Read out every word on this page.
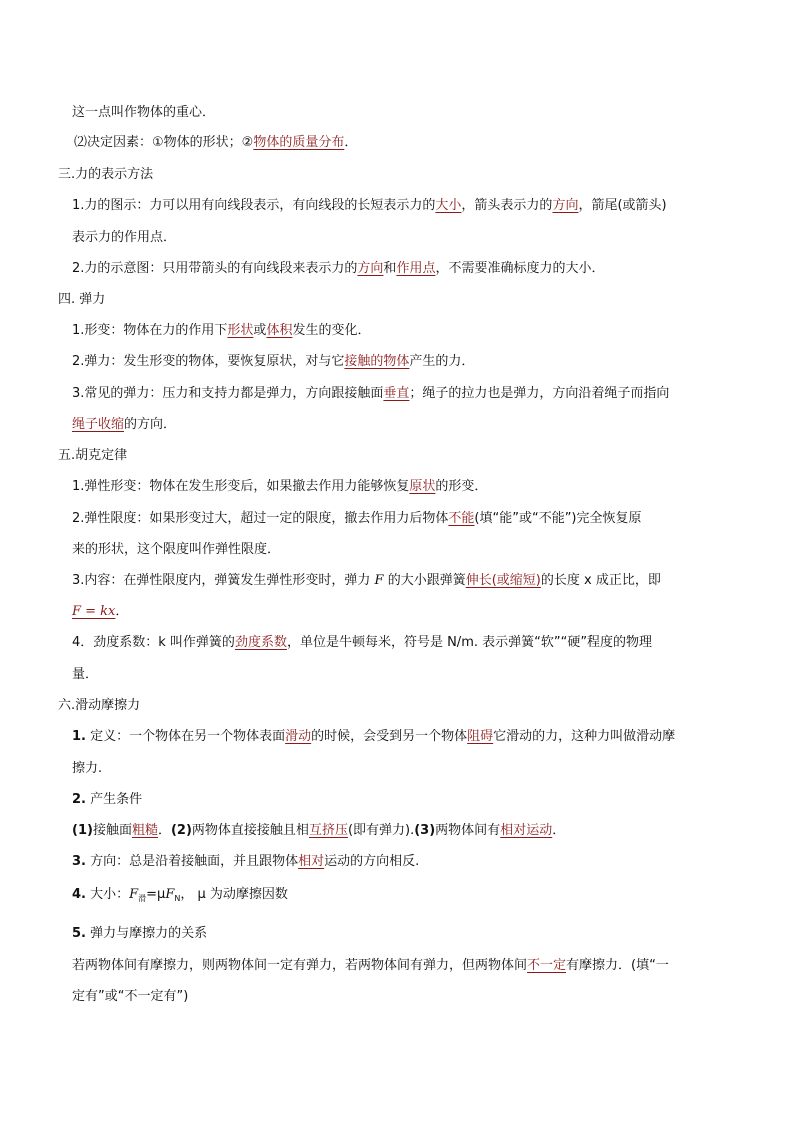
这一点叫作物体的重心．
⑵决定因素：①物体的形状；②物体的质量分布．
三.力的表示方法
1.力的图示：力可以用有向线段表示，有向线段的长短表示力的大小，箭头表示力的方向，箭尾(或箭头)
表示力的作用点．
2.力的示意图：只用带箭头的有向线段来表示力的方向和作用点，不需要准确标度力的大小．
四. 弹力
1.形变：物体在力的作用下形状或体积发生的变化．
2.弹力：发生形变的物体，要恢复原状，对与它接触的物体产生的力．
3.常见的弹力：压力和支持力都是弹力，方向跟接触面垂直；绳子的拉力也是弹力，方向沿着绳子而指向
绳子收缩的方向．
五.胡克定律
1.弹性形变：物体在发生形变后，如果撤去作用力能够恢复原状的形变．
2.弹性限度：如果形变过大，超过一定的限度，撤去作用力后物体不能(填“能”或“不能”)完全恢复原
来的形状，这个限度叫作弹性限度．
3.内容：在弹性限度内，弹簧发生弹性形变时，弹力 F 的大小跟弹簧伸长(或缩短)的长度 x 成正比，即
F = kx．
4．劲度系数：k 叫作弹簧的劲度系数，单位是牛顿每米，符号是 N/m. 表示弹簧“软”“硬”程度的物理
量．
六.滑动摩擦力
1. 定义：一个物体在另一个物体表面滑动的时候，会受到另一个物体阻碍它滑动的力，这种力叫做滑动摩
擦力.
2. 产生条件
(1)接触面粗糙．(2)两物体直接接触且相互挤压(即有弹力).(3)两物体间有相对运动．
3. 方向：总是沿着接触面，并且跟物体相对运动的方向相反.
4. 大小：$F_滑=\mu F_N$， μ 为动摩擦因数
5. 弹力与摩擦力的关系
若两物体间有摩擦力，则两物体间一定有弹力，若两物体间有弹力，但两物体间不一定有摩擦力．(填“一
定有”或“不一定有”)
